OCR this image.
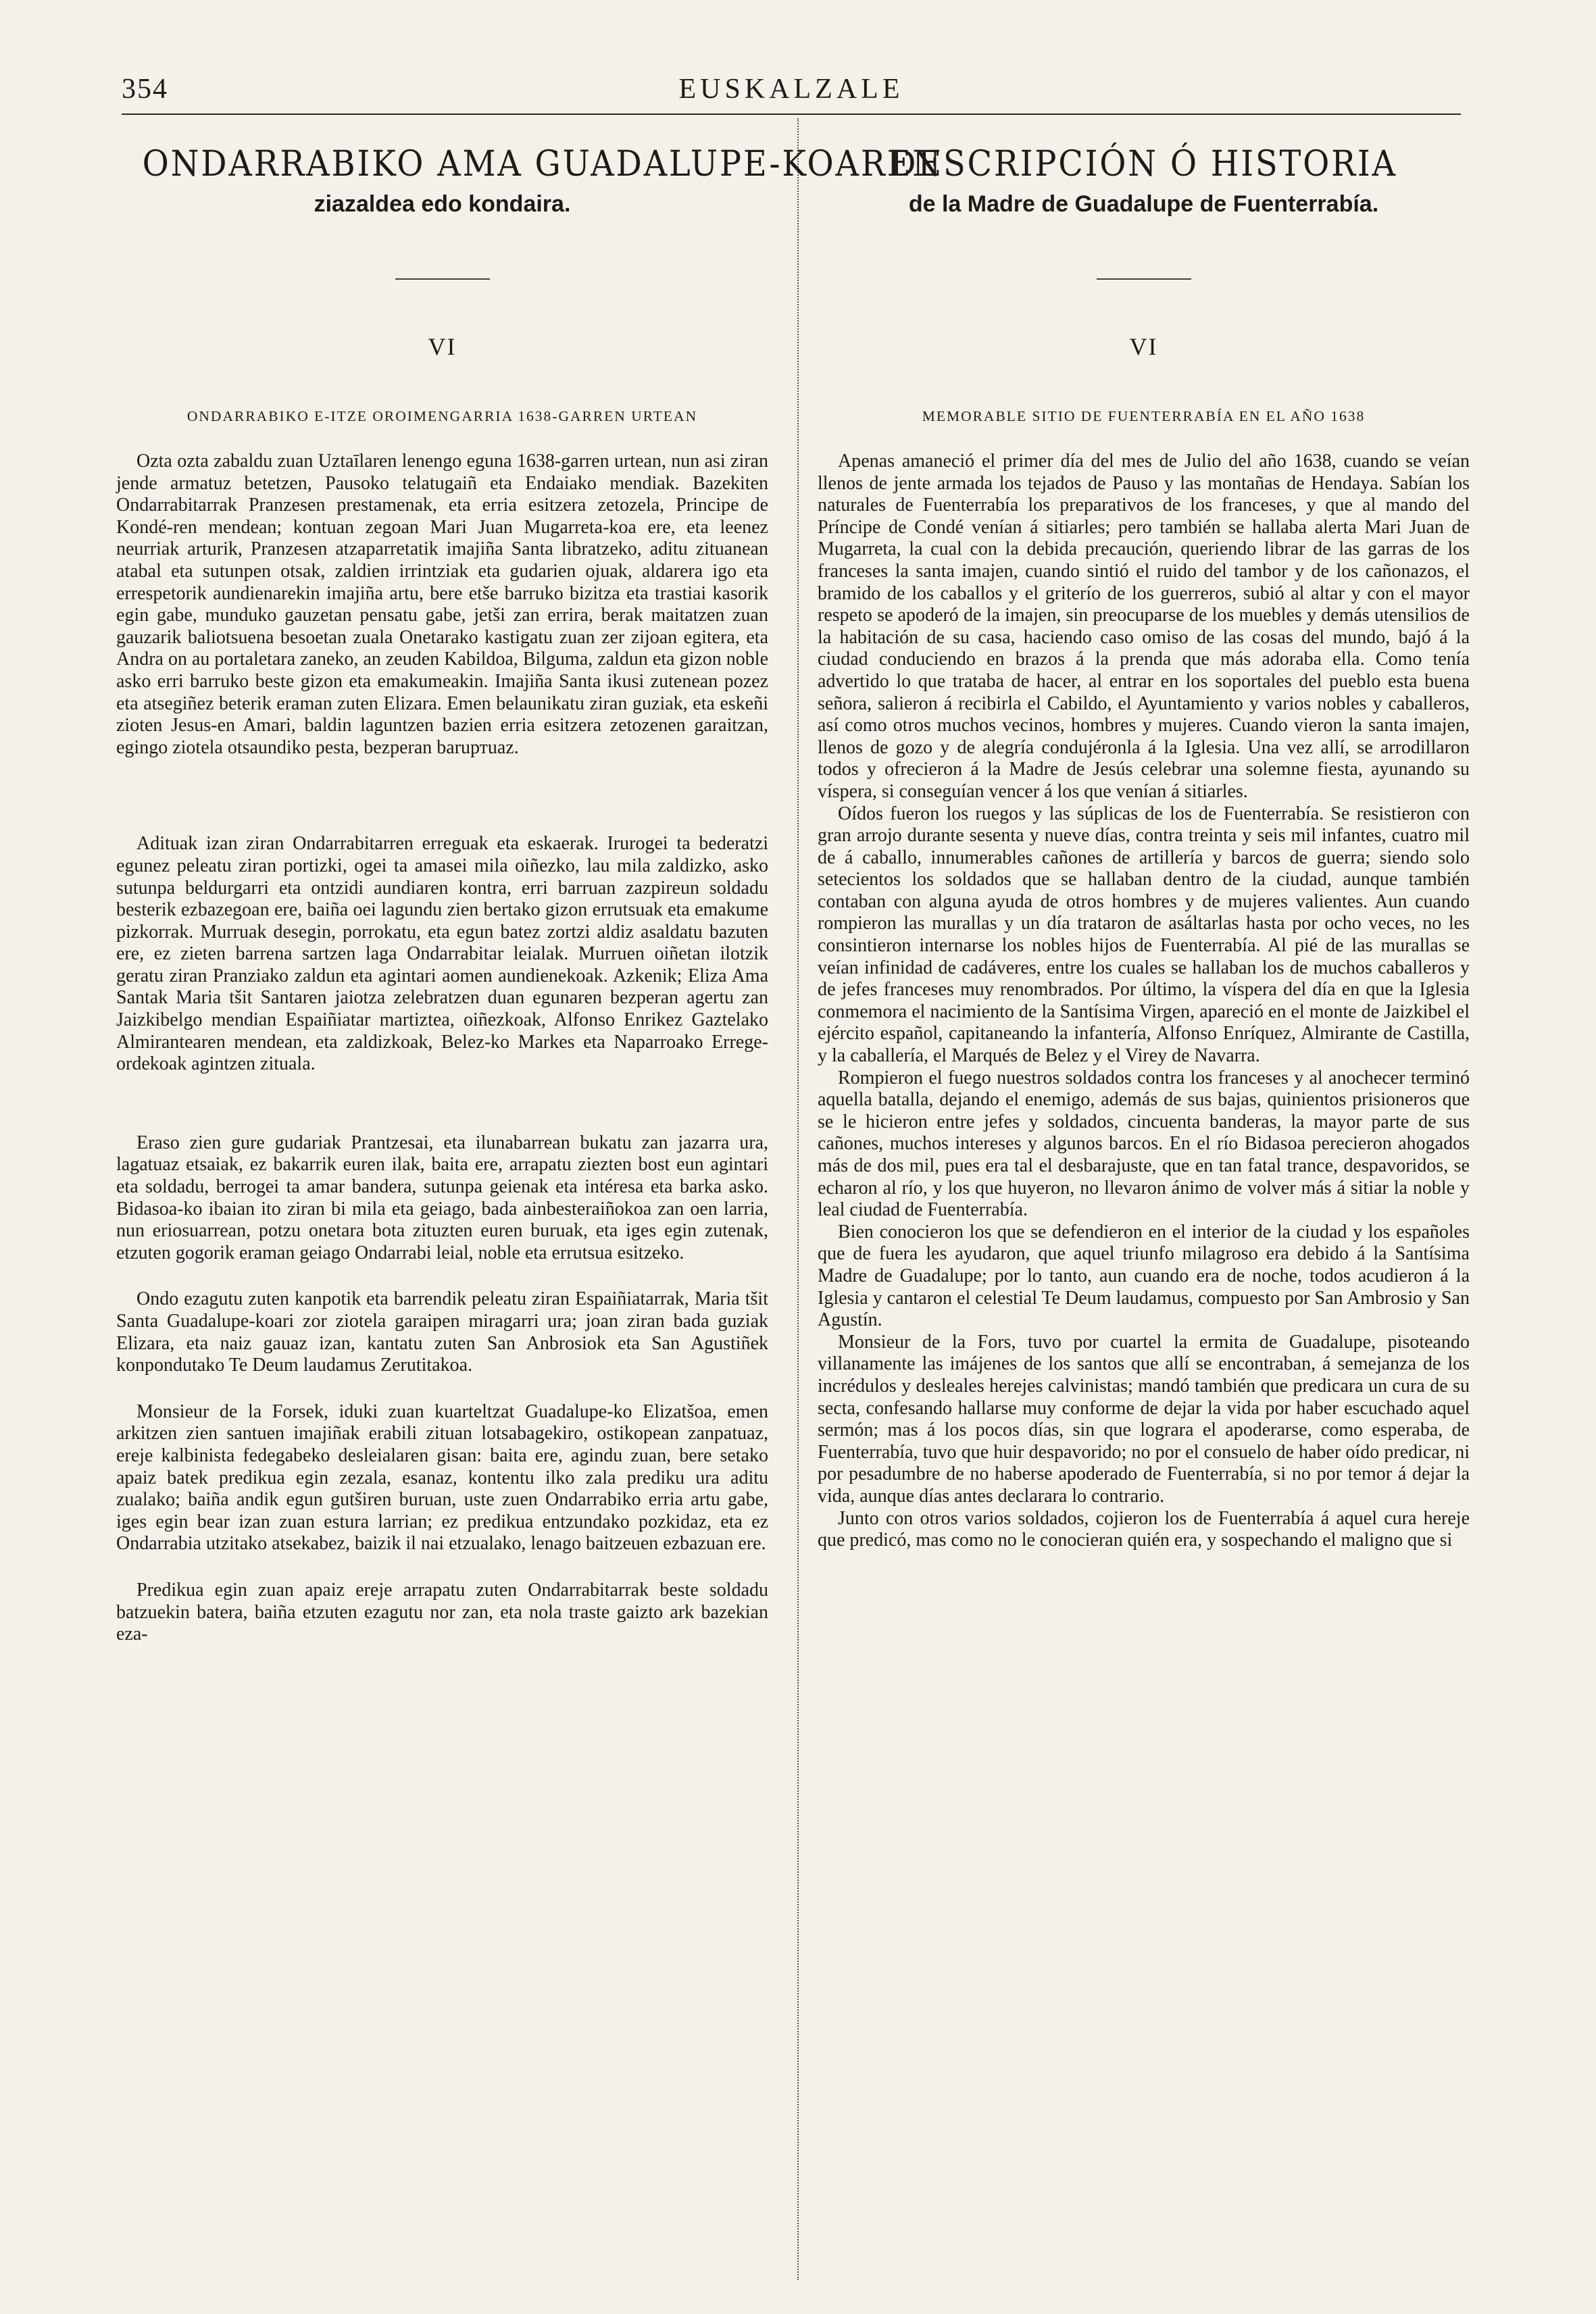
354	EUSKALZALE
ONDARRABIKO AMA GUADALUPE-KOAREN
ziazaldea edo kondaira.
VI
ONDARRABIKO E-ITZE OROIMENGARRIA 1638-GARREN URTEAN

Ozta ozta zabaldu zuan Uztaīlaren lenengo eguna 1638-garren urtean, nun asi ziran jende armatuz betetzen, Pausoko telatugaiñ eta Endaiako mendiak. Bazekiten Ondarrabitarrak Pranzesen prestamenak, eta erria esitzera zetozela, Principe de Kondé-ren mendean; kontuan zegoan Mari Juan Mugarreta-koa ere, eta leenez neurriak arturik, Pranzesen atzaparretatik imajiña Santa libratzeko, aditu zituanean atabal eta sutunpen otsak, zaldien irrintziak eta gudarien ojuak, aldarera igo eta errespetorik aundienarekin imajiña artu, bere etše barruko bizitza eta trastiai kasorik egin gabe, munduko gauzetan pensatu gabe, jetši zan errira, berak maitatzen zuan gauzarik baliotsuena besoetan zuala Onetarako kastigatu zuan zer zijoan egitera, eta Andra on au portaletara zaneko, an zeuden Kabildoa, Bilguma, zaldun eta gizon noble asko erri barruko beste gizon eta emakumeakin. Imajiña Santa ikusi zutenean pozez eta atsegiñez beterik eraman zuten Elizara. Emen belaunikatu ziran guziak, eta eskeñi zioten Jesus-en Amari, baldin laguntzen bazien erria esitzera zetozenen garaitzan, egingo ziotela otsaundiko pesta, bezperan baruртuaz.

Adituak izan ziran Ondarrabitarren erreguak eta eskaerak. Irurogei ta bederatzi egunez peleatu ziran portizki, ogei ta amasei mila oiñezko, lau mila zaldizko, asko sutunpa beldurgarri eta ontzidi aundiaren kontra, erri barruan zazpireun soldadu besterik ezbazegoan ere, baiña oei lagundu zien bertako gizon errutsuak eta emakume pizkorrak. Murruak desegin, porrokatu, eta egun batez zortzi aldiz asaldatu bazuten ere, ez zieten barrena sartzen laga Ondarrabitar leialak. Murruen oiñetan ilotzik geratu ziran Pranziako zaldun eta agintari aomen aundienekoak. Azkenik; Eliza Ama Santak Maria tšit Santaren jaiotza zelebratzen duan egunaren bezperan agertu zan Jaizkibelgo mendian Espaiñiatar martiztea, oiñezkoak, Alfonso Enrikez Gaztelako Almirantearen mendean, eta zaldizkoak, Belez-ko Markes eta Naparroako Errege-ordekoak agintzen zituala.

Eraso zien gure gudariak Prantzesai, eta ilunabarrean bukatu zan jazarra ura, lagatuaz etsaiak, ez bakarrik euren ilak, baita ere, arrapatu ziezten bost eun agintari eta soldadu, berrogei ta amar bandera, sutunpa geienak eta intéresa eta barka asko. Bidasoa-ko ibaian ito ziran bi mila eta geiago, bada ainbesteraiñokoa zan oen larria, nun eriosuarrean, potzu onetara bota zituzten euren buruak, eta iges egin zutenak, etzuten gogorik eraman geiago Ondarrabi leial, noble eta errutsua esitzeko.

Ondo ezagutu zuten kanpotik eta barrendik peleatu ziran Espaiñiatarrak, Maria tšit Santa Guadalupe-koari zor ziotela garaipen miragarri ura; joan ziran bada guziak Elizara, eta naiz gauaz izan, kantatu zuten San Anbrosiok eta San Agustiñek konpondutako Te Deum laudamus Zerutitakoa.

Monsieur de la Forsek, iduki zuan kuarteltzat Guadalupe-ko Elizatšoa, emen arkitzen zien santuen imajiñak erabili zituan lotsabagekiro, ostikopean zanpatuaz, ereje kalbinista fedegabeko desleialaren gisan: baita ere, agindu zuan, bere setako apaiz batek predikua egin zezala, esanaz, kontentu ilko zala prediku ura aditu zualako; baiña andik egun gutširen buruan, uste zuen Ondarrabiko erria artu gabe, iges egin bear izan zuan estura larrian; ez predikua entzundako pozkidaz, eta ez Ondarrabia utzitako atsekabez, baizik il nai etzualako, lenago baitzeuen ezbazuan ere.

Predikua egin zuan apaiz ereje arrapatu zuten Ondarrabitarrak beste soldadu batzuekin batera, baiña etzuten ezagutu nor zan, eta nola traste gaizto ark bazekian eza-

DESCRIPCIÓN Ó HISTORIA
de la Madre de Guadalupe de Fuenterrabía.
VI
MEMORABLE SITIO DE FUENTERRABÍA EN EL AÑO 1638

Apenas amaneció el primer día del mes de Julio del año 1638, cuando se veían llenos de jente armada los tejados de Pauso y las montañas de Hendaya. Sabían los naturales de Fuenterrabía los preparativos de los franceses, y que al mando del Príncipe de Condé venían á sitiarles; pero también se hallaba alerta Mari Juan de Mugarreta, la cual con la debida precaución, queriendo librar de las garras de los franceses la santa imajen, cuando sintió el ruido del tambor y de los cañonazos, el bramido de los caballos y el griterío de los guerreros, subió al altar y con el mayor respeto se apoderó de la imajen, sin preocuparse de los muebles y demás utensilios de la habitación de su casa, haciendo caso omiso de las cosas del mundo, bajó á la ciudad conduciendo en brazos á la prenda que más adoraba ella. Como tenía advertido lo que trataba de hacer, al entrar en los soportales del pueblo esta buena señora, salieron á recibirla el Cabildo, el Ayuntamiento y varios nobles y caballeros, así como otros muchos vecinos, hombres y mujeres. Cuando vieron la santa imajen, llenos de gozo y de alegría condujéronla á la Iglesia. Una vez allí, se arrodillaron todos y ofrecieron á la Madre de Jesús celebrar una solemne fiesta, ayunando su víspera, si conseguían vencer á los que venían á sitiarles.

Oídos fueron los ruegos y las súplicas de los de Fuenterrabía. Se resistieron con gran arrojo durante sesenta y nueve días, contra treinta y seis mil infantes, cuatro mil de á caballo, innumerables cañones de artillería y barcos de guerra; siendo solo setecientos los soldados que se hallaban dentro de la ciudad, aunque también contaban con alguna ayuda de otros hombres y de mujeres valientes. Aun cuando rompieron las murallas y un día trataron de asáltarlas hasta por ocho veces, no les consintieron internarse los nobles hijos de Fuenterrabía. Al pié de las murallas se veían infinidad de cadáveres, entre los cuales se hallaban los de muchos caballeros y de jefes franceses muy renombrados. Por último, la víspera del día en que la Iglesia conmemora el nacimiento de la Santísima Virgen, apareció en el monte de Jaizkibel el ejército español, capitaneando la infantería, Alfonso Enríquez, Almirante de Castilla, y la caballería, el Marqués de Belez y el Virey de Navarra.

Rompieron el fuego nuestros soldados contra los franceses y al anochecer terminó aquella batalla, dejando el enemigo, además de sus bajas, quinientos prisioneros que se le hicieron entre jefes y soldados, cincuenta banderas, la mayor parte de sus cañones, muchos intereses y algunos barcos. En el río Bidasoa perecieron ahogados más de dos mil, pues era tal el desbarajuste, que en tan fatal trance, despavoridos, se echaron al río, y los que huyeron, no llevaron ánimo de volver más á sitiar la noble y leal ciudad de Fuenterrabía.

Bien conocieron los que se defendieron en el interior de la ciudad y los españoles que de fuera les ayudaron, que aquel triunfo milagroso era debido á la Santísima Madre de Guadalupe; por lo tanto, aun cuando era de noche, todos acudieron á la Iglesia y cantaron el celestial Te Deum laudamus, compuesto por San Ambrosio y San Agustín.

Monsieur de la Fors, tuvo por cuartel la ermita de Guadalupe, pisoteando villanamente las imájenes de los santos que allí se encontraban, á semejanza de los incrédulos y desleales herejes calvinistas; mandó también que predicara un cura de su secta, confesando hallarse muy conforme de dejar la vida por haber escuchado aquel sermón; mas á los pocos días, sin que lograra el apoderarse, como esperaba, de Fuenterrabía, tuvo que huir despavorido; no por el consuelo de haber oído predicar, ni por pesadumbre de no haberse apoderado de Fuenterrabía, si no por temor á dejar la vida, aunque días antes declarara lo contrario.

Junto con otros varios soldados, cojieron los de Fuenterrabía á aquel cura hereje que predicó, mas como no le conocieran quién era, y sospechando el maligno que si
